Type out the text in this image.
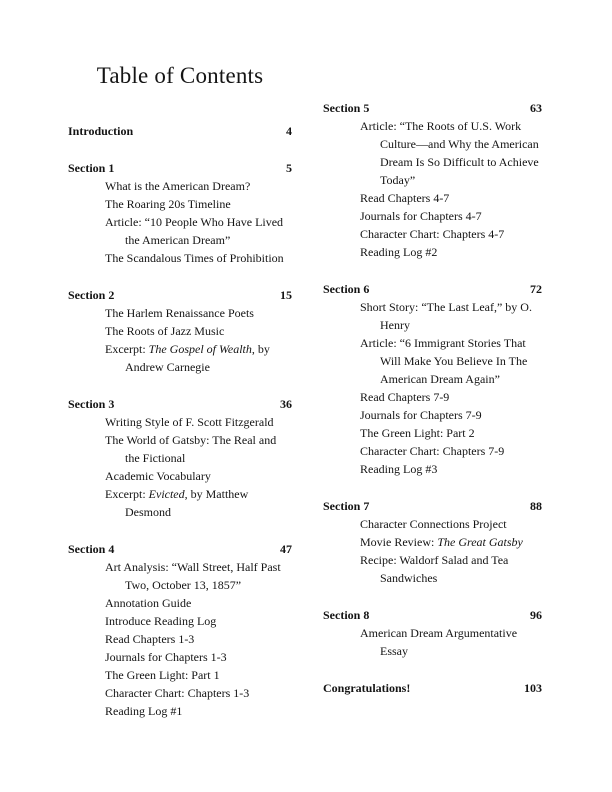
Table of Contents
Introduction	4
Section 1	5
What is the American Dream?
The Roaring 20s Timeline
Article: “10 People Who Have Lived the American Dream”
The Scandalous Times of Prohibition
Section 2	15
The Harlem Renaissance Poets
The Roots of Jazz Music
Excerpt: The Gospel of Wealth, by Andrew Carnegie
Section 3	36
Writing Style of F. Scott Fitzgerald
The World of Gatsby: The Real and the Fictional
Academic Vocabulary
Excerpt: Evicted, by Matthew Desmond
Section 4	47
Art Analysis: “Wall Street, Half Past Two, October 13, 1857”
Annotation Guide
Introduce Reading Log
Read Chapters 1-3
Journals for Chapters 1-3
The Green Light: Part 1
Character Chart: Chapters 1-3
Reading Log #1
Section 5	63
Article: “The Roots of U.S. Work Culture—and Why the American Dream Is So Difficult to Achieve Today”
Read Chapters 4-7
Journals for Chapters 4-7
Character Chart: Chapters 4-7
Reading Log #2
Section 6	72
Short Story: “The Last Leaf,” by O. Henry
Article: “6 Immigrant Stories That Will Make You Believe In The American Dream Again”
Read Chapters 7-9
Journals for Chapters 7-9
The Green Light: Part 2
Character Chart: Chapters 7-9
Reading Log #3
Section 7	88
Character Connections Project
Movie Review: The Great Gatsby
Recipe: Waldorf Salad and Tea Sandwiches
Section 8	96
American Dream Argumentative Essay
Congratulations!	103
